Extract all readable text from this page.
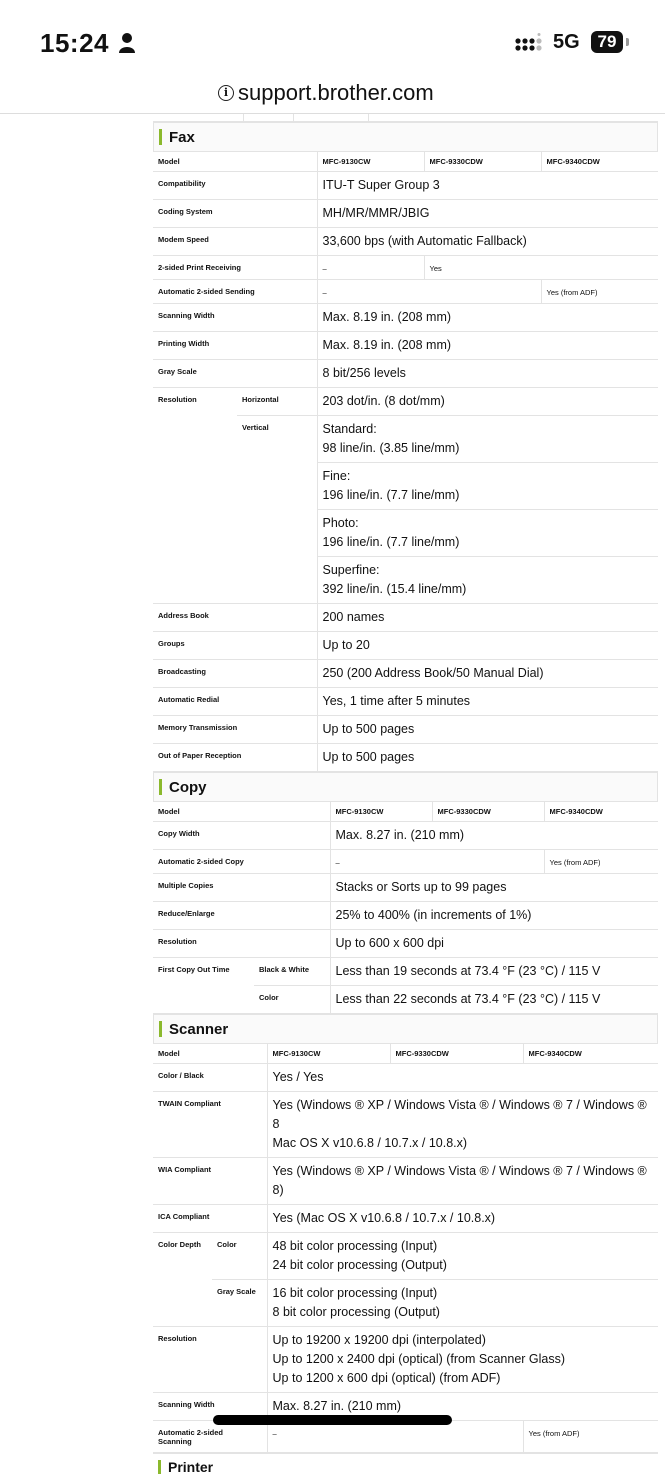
15:24	5G	79
i support.brother.com
Fax
Model		MFC-9130CW	MFC-9330CDW	MFC-9340CDW
Compatibility		ITU-T Super Group 3		
Coding System		MH/MR/MMR/JBIG		
Modem Speed		33,600 bps (with Automatic Fallback)		
2-sided Print Receiving		–	Yes	
Automatic 2-sided Sending		–		Yes (from ADF)
Scanning Width		Max. 8.19 in. (208 mm)		
Printing Width		Max. 8.19 in. (208 mm)		
Gray Scale		8 bit/256 levels		
Resolution	Horizontal	203 dot/in. (8 dot/mm)		
	Vertical	Standard:
98 line/in. (3.85 line/mm)		

		Fine:
196 line/in. (7.7 line/mm)		

		Photo:
196 line/in. (7.7 line/mm)		

		Superfine:
392 line/in. (15.4 line/mm)		

Address Book		200 names		
Groups		Up to 20		
Broadcasting		250 (200 Address Book/50 Manual Dial)		
Automatic Redial		Yes, 1 time after 5 minutes		
Memory Transmission		Up to 500 pages		
Out of Paper Reception		Up to 500 pages		
Copy
Model		MFC-9130CW	MFC-9330CDW	MFC-9340CDW
Copy Width		Max. 8.27 in. (210 mm)		
Automatic 2-sided Copy		–		Yes (from ADF)
Multiple Copies		Stacks or Sorts up to 99 pages		
Reduce/Enlarge		25% to 400% (in increments of 1%)		
Resolution		Up to 600 x 600 dpi		
First Copy Out Time	Black & White	Less than 19 seconds at 73.4 °F (23 °C) / 115 V		
	Color	Less than 22 seconds at 73.4 °F (23 °C) / 115 V		
Scanner
Model		MFC-9130CW	MFC-9330CDW	MFC-9340CDW
Color / Black		Yes / Yes		
TWAIN Compliant		Yes (Windows ® XP / Windows Vista ® / Windows ® 7 / Windows ®
8
Mac OS X v10.6.8 / 10.7.x / 10.8.x)		

WIA Compliant		Yes (Windows ® XP / Windows Vista ® / Windows ® 7 / Windows ®
8)		

ICA Compliant		Yes (Mac OS X v10.6.8 / 10.7.x / 10.8.x)		
Color Depth	Color	48 bit color processing (Input)
24 bit color processing (Output)		

	Gray Scale	16 bit color processing (Input)
8 bit color processing (Output)		

Resolution		Up to 19200 x 19200 dpi (interpolated)
Up to 1200 x 2400 dpi (optical) (from Scanner Glass)
Up to 1200 x 600 dpi (optical) (from ADF)		

Scanning Width		Max. 8.27 in. (210 mm)		

Automatic 2-sided
Scanning		–		Yes (from ADF)
Printer
